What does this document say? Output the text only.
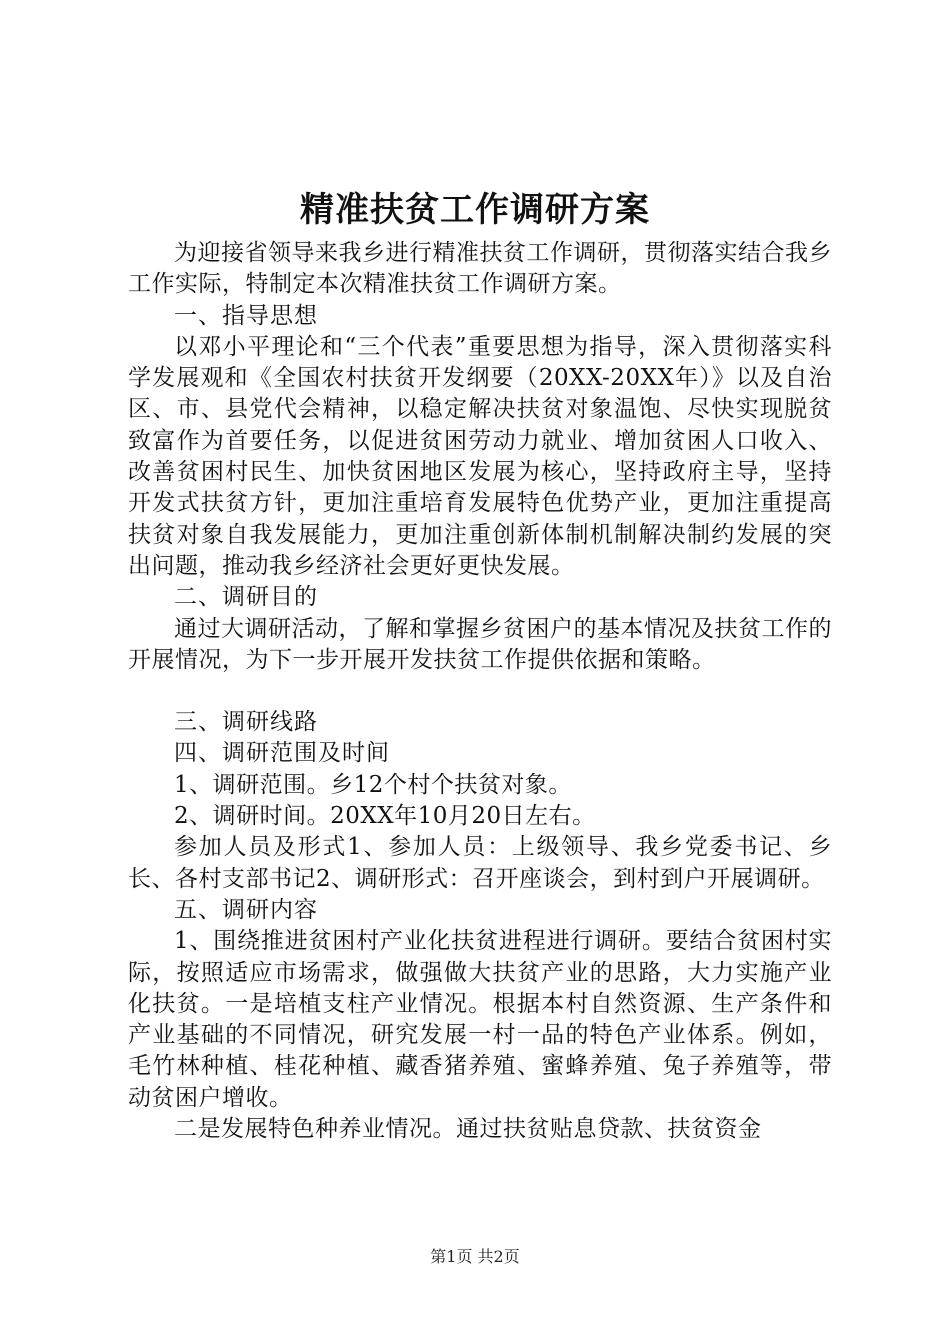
精准扶贫工作调研方案

为迎接省领导来我乡进行精准扶贫工作调研，贯彻落实结合我乡工作实际，特制定本次精准扶贫工作调研方案。

一、指导思想

以邓小平理论和“三个代表”重要思想为指导，深入贯彻落实科学发展观和《全国农村扶贫开发纲要（20XX-20XX年）》以及自治区、市、县党代会精神，以稳定解决扶贫对象温饱、尽快实现脱贫致富作为首要任务，以促进贫困劳动力就业、增加贫困人口收入、改善贫困村民生、加快贫困地区发展为核心，坚持政府主导，坚持开发式扶贫方针，更加注重培育发展特色优势产业，更加注重提高扶贫对象自我发展能力，更加注重创新体制机制解决制约发展的突出问题，推动我乡经济社会更好更快发展。

二、调研目的

通过大调研活动，了解和掌握乡贫困户的基本情况及扶贫工作的开展情况，为下一步开展开发扶贫工作提供依据和策略。

三、调研线路

四、调研范围及时间

1、调研范围。乡12个村个扶贫对象。

2、调研时间。20XX年10月20日左右。

参加人员及形式1、参加人员：上级领导、我乡党委书记、乡长、各村支部书记2、调研形式：召开座谈会，到村到户开展调研。

五、调研内容

1、围绕推进贫困村产业化扶贫进程进行调研。要结合贫困村实际，按照适应市场需求，做强做大扶贫产业的思路，大力实施产业化扶贫。一是培植支柱产业情况。根据本村自然资源、生产条件和产业基础的不同情况，研究发展一村一品的特色产业体系。例如，毛竹林种植、桂花种植、藏香猪养殖、蜜蜂养殖、兔子养殖等，带动贫困户增收。

二是发展特色种养业情况。通过扶贫贴息贷款、扶贫资金

第1页 共2页
